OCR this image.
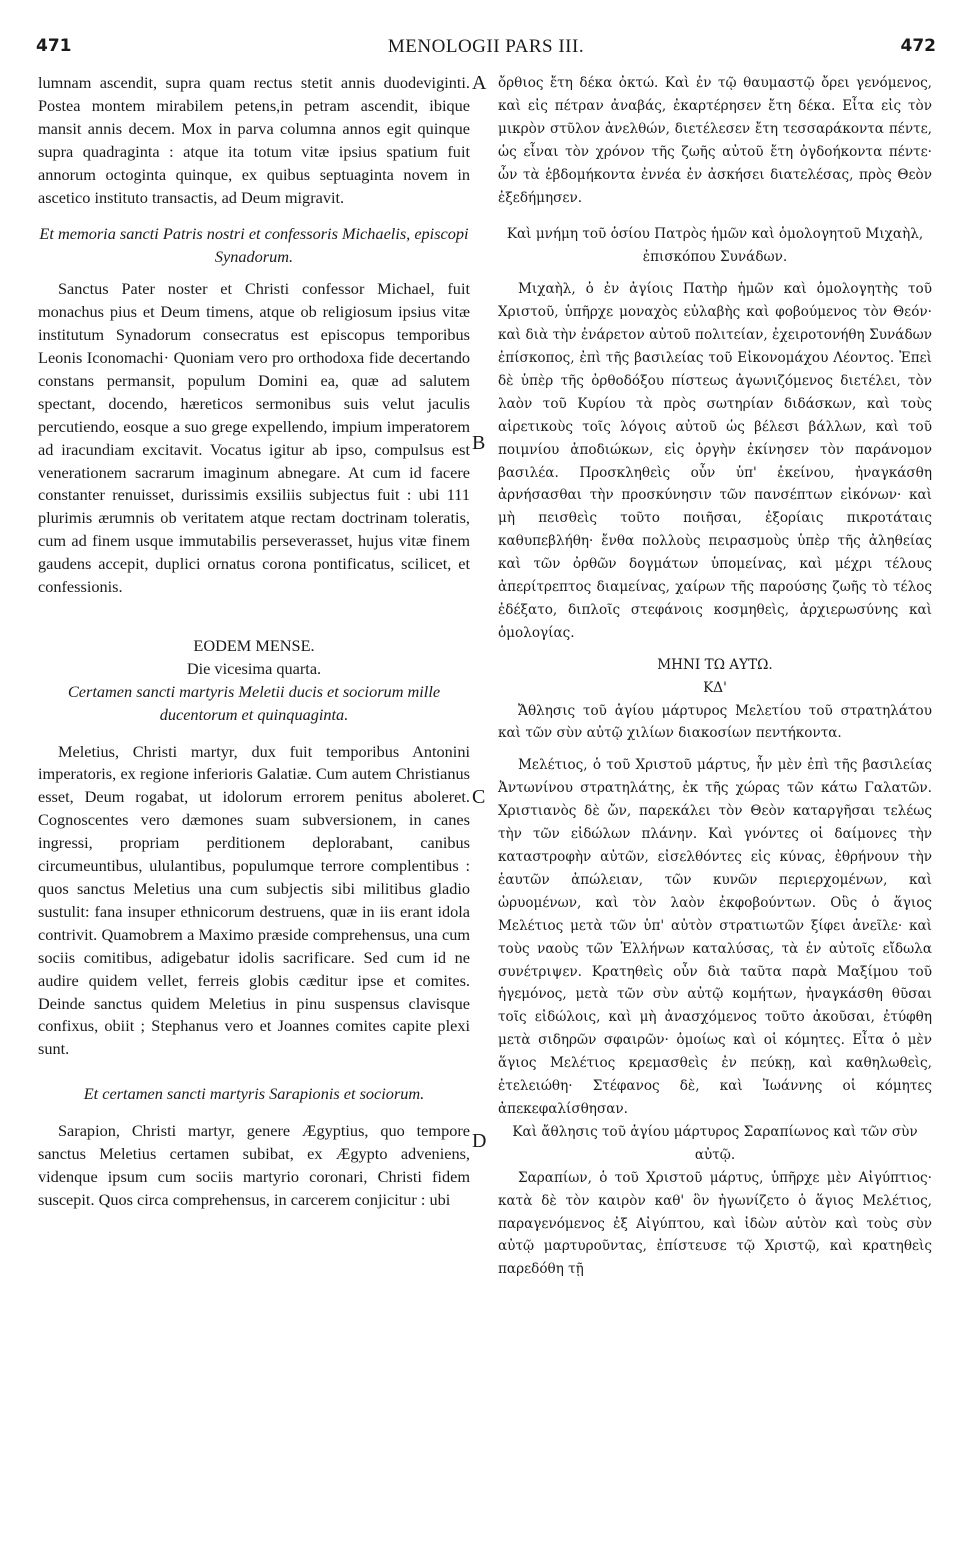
471	MENOLOGII PARS III.	472
A
B
C
D

lumnam ascendit, supra quam rectus stetit annis duodeviginti. Postea montem mirabilem petens,in petram ascendit, ibique mansit annis decem. Mox in parva columna annos egit quinque supra quadraginta : atque ita totum vitæ ipsius spatium fuit annorum octoginta quinque, ex quibus septuaginta novem in ascetico instituto transactis, ad Deum migravit.

Et memoria sancti Patris nostri et confessoris Michaelis, episcopi Synadorum.

Sanctus Pater noster et Christi confessor Michael, fuit monachus pius et Deum timens, atque ob religiosum ipsius vitæ institutum Synadorum consecratus est episcopus temporibus Leonis Iconomachi· Quoniam vero pro orthodoxa fide decertando constans permansit, populum Domini ea, quæ ad salutem spectant, docendo, hæreticos sermonibus suis velut jaculis percutiendo, eosque a suo grege expellendo, impium imperatorem ad iracundiam excitavit. Vocatus igitur ab ipso, compulsus est venerationem sacrarum imaginum abnegare. At cum id facere constanter renuisset, durissimis exsiliis subjectus fuit : ubi 111 plurimis ærumnis ob veritatem atque rectam doctrinam toleratis, cum ad finem usque immutabilis perseverasset, hujus vitæ finem gaudens accepit, duplici ornatus corona pontificatus, scilicet, et confessionis.

EODEM MENSE.

Die vicesima quarta.

Certamen sancti martyris Meletii ducis et sociorum mille ducentorum et quinquaginta.

Meletius, Christi martyr, dux fuit temporibus Antonini imperatoris, ex regione inferioris Galatiæ. Cum autem Christianus esset, Deum rogabat, ut idolorum errorem penitus aboleret. Cognoscentes vero dæmones suam subversionem, in canes ingressi, propriam perditionem deplorabant, canibus circumeuntibus, ululantibus, populumque terrore complentibus : quos sanctus Meletius una cum subjectis sibi militibus gladio sustulit: fana insuper ethnicorum destruens, quæ in iis erant idola contrivit. Quamobrem a Maximo præside comprehensus, una cum sociis comitibus, adigebatur idolis sacrificare. Sed cum id ne audire quidem vellet, ferreis globis cæditur ipse et comites. Deinde sanctus quidem Meletius in pinu suspensus clavisque confixus, obiit ; Stephanus vero et Joannes comites capite plexi sunt.

Et certamen sancti martyris Sarapionis et sociorum.

Sarapion, Christi martyr, genere Ægyptius, quo tempore sanctus Meletius certamen subibat, ex Ægypto adveniens, videnque ipsum cum sociis martyrio coronari, Christi fidem suscepit. Quos circa comprehensus, in carcerem conjicitur : ubi

ὄρθιος ἔτη δέκα ὀκτώ. Καὶ ἐν τῷ θαυμαστῷ ὄρει γενόμενος, καὶ εἰς πέτραν ἀναβάς, ἐκαρτέρησεν ἔτη δέκα. Εἶτα εἰς τὸν μικρὸν στῦλον ἀνελθών, διετέλεσεν ἔτη τεσσαράκοντα πέντε, ὡς εἶναι τὸν χρόνον τῆς ζωῆς αὐτοῦ ἔτη ὀγδοήκοντα πέντε· ὧν τὰ ἑβδομήκοντα ἐννέα ἐν ἀσκήσει διατελέσας, πρὸς Θεὸν ἐξεδήμησεν.

Καὶ μνήμη τοῦ ὁσίου Πατρὸς ἡμῶν καὶ ὁμολογητοῦ Μιχαὴλ, ἐπισκόπου Συνάδων.

Μιχαὴλ, ὁ ἐν ἁγίοις Πατὴρ ἡμῶν καὶ ὁμολογητὴς τοῦ Χριστοῦ, ὑπῆρχε μοναχὸς εὐλαβὴς καὶ φοβούμενος τὸν Θεόν· καὶ διὰ τὴν ἐνάρετον αὐτοῦ πολιτείαν, ἐχειροτονήθη Συνάδων ἐπίσκοπος, ἐπὶ τῆς βασιλείας τοῦ Εἰκονομάχου Λέοντος. Ἐπεὶ δὲ ὑπὲρ τῆς ὀρθοδόξου πίστεως ἀγωνιζόμενος διετέλει, τὸν λαὸν τοῦ Κυρίου τὰ πρὸς σωτηρίαν διδάσκων, καὶ τοὺς αἱρετικοὺς τοῖς λόγοις αὐτοῦ ὡς βέλεσι βάλλων, καὶ τοῦ ποιμνίου ἀποδιώκων, εἰς ὀργὴν ἐκίνησεν τὸν παράνομον βασιλέα. Προσκληθεὶς οὖν ὑπ' ἐκείνου, ἠναγκάσθη ἀρνήσασθαι τὴν προσκύνησιν τῶν πανσέπτων εἰκόνων· καὶ μὴ πεισθεὶς τοῦτο ποιῆσαι, ἐξορίαις πικροτάταις καθυπεβλήθη· ἔνθα πολλοὺς πειρασμοὺς ὑπὲρ τῆς ἀληθείας καὶ τῶν ὀρθῶν δογμάτων ὑπομείνας, καὶ μέχρι τέλους ἀπερίτρεπτος διαμείνας, χαίρων τῆς παρούσης ζωῆς τὸ τέλος ἐδέξατο, διπλοῖς στεφάνοις κοσμηθεὶς, ἀρχιερωσύνης καὶ ὁμολογίας.

ΜΗΝΙ ΤΩ ΑΥΤΩ.

ΚΔ'

Ἄθλησις τοῦ ἁγίου μάρτυρος Μελετίου τοῦ στρατηλάτου καὶ τῶν σὺν αὐτῷ χιλίων διακοσίων πεντήκοντα.

Μελέτιος, ὁ τοῦ Χριστοῦ μάρτυς, ἦν μὲν ἐπὶ τῆς βασιλείας Ἀντωνίνου στρατηλάτης, ἐκ τῆς χώρας τῶν κάτω Γαλατῶν. Χριστιανὸς δὲ ὤν, παρεκάλει τὸν Θεὸν καταργῆσαι τελέως τὴν τῶν εἰδώλων πλάνην. Καὶ γνόντες οἱ δαίμονες τὴν καταστροφὴν αὐτῶν, εἰσελθόντες εἰς κύνας, ἐθρήνουν τὴν ἑαυτῶν ἀπώλειαν, τῶν κυνῶν περιερχομένων, καὶ ὠρυομένων, καὶ τὸν λαὸν ἐκφοβούντων. Οὓς ὁ ἅγιος Μελέτιος μετὰ τῶν ὑπ' αὐτὸν στρατιωτῶν ξίφει ἀνεῖλε· καὶ τοὺς ναοὺς τῶν Ἑλλήνων καταλύσας, τὰ ἐν αὐτοῖς εἴδωλα συνέτριψεν. Κρατηθεὶς οὖν διὰ ταῦτα παρὰ Μαξίμου τοῦ ἡγεμόνος, μετὰ τῶν σὺν αὐτῷ κομήτων, ἠναγκάσθη θῦσαι τοῖς εἰδώλοις, καὶ μὴ ἀνασχόμενος τοῦτο ἀκοῦσαι, ἐτύφθη μετὰ σιδηρῶν σφαιρῶν· ὁμοίως καὶ οἱ κόμητες. Εἶτα ὁ μὲν ἅγιος Μελέτιος κρεμασθεὶς ἐν πεύκῃ, καὶ καθηλωθεὶς, ἐτελειώθη· Στέφανος δὲ, καὶ Ἰωάννης οἱ κόμητες ἀπεκεφαλίσθησαν.

Καὶ ἄθλησις τοῦ ἁγίου μάρτυρος Σαραπίωνος καὶ τῶν σὺν αὐτῷ.

Σαραπίων, ὁ τοῦ Χριστοῦ μάρτυς, ὑπῆρχε μὲν Αἰγύπτιος· κατὰ δὲ τὸν καιρὸν καθ' ὃν ἠγωνίζετο ὁ ἅγιος Μελέτιος, παραγενόμενος ἐξ Αἰγύπτου, καὶ ἰδὼν αὐτὸν καὶ τοὺς σὺν αὐτῷ μαρτυροῦντας, ἐπίστευσε τῷ Χριστῷ, καὶ κρατηθεὶς παρεδόθη τῇ
